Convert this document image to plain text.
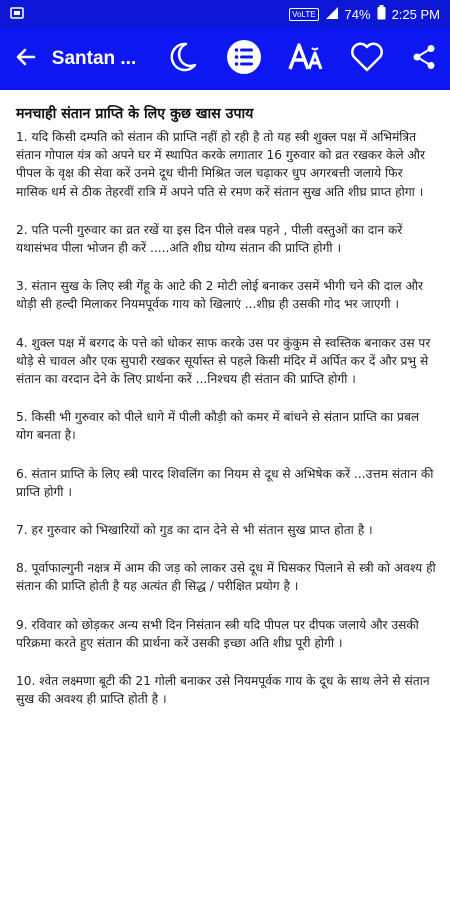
VoLTE 74% 2:25 PM
Santan ...
मनचाही संतान प्राप्ति के लिए कुछ खास उपाय

1. यदि किसी दम्पति को संतान की प्राप्ति नहीं हो रही है तो यह स्त्री शुक्ल पक्ष में अभिमंत्रित संतान गोपाल यंत्र को अपने घर में स्थापित करके लगातार 16 गुरुवार को व्रत रखकर केले और पीपल के वृक्ष की सेवा करें उनमे दूध चीनी मिश्रित जल चढ़ाकर धुप अगरबत्ती जलाये फिर मासिक धर्म से ठीक तेहरवीं रात्रि में अपने पति से रमण करें संतान सुख अति शीघ्र प्राप्त होगा ।

2. पति पत्नी गुरुवार का व्रत रखें या इस दिन पीले वस्त्र पहने , पीली वस्तुओं का दान करें यथासंभव पीला भोजन ही करें .....अति शीघ्र योग्य संतान की प्राप्ति होगी ।

3. संतान सुख के लिए स्त्री गेंहू के आटे की 2 मोटी लोई बनाकर उसमें भीगी चने की दाल और थोड़ी सी हल्दी मिलाकर नियमपूर्वक गाय को खिलाएं ...शीघ्र ही उसकी गोद भर जाएगी ।

4. शुक्ल पक्ष में बरगद के पत्ते को धोकर साफ करके उस पर कुंकुम से स्वस्तिक बनाकर उस पर थोड़े से चावल और एक सुपारी रखकर सूर्यास्त से पहले किसी मंदिर में अर्पित कर दें और प्रभु से संतान का वरदान देने के लिए प्रार्थना करें ...निश्चय ही संतान की प्राप्ति होगी ।

5. किसी भी गुरुवार को पीले धागे में पीली कौड़ी को कमर में बांधने से संतान प्राप्ति का प्रबल योग बनता है।

6. संतान प्राप्ति के लिए स्त्री पारद शिवलिंग का नियम से दूध से अभिषेक करें ...उत्तम संतान की प्राप्ति होगी ।

7. हर गुरुवार को भिखारियों को गुड का दान देने से भी संतान सुख प्राप्त होता है ।

8. पूर्वाफाल्गुनी नक्षत्र में आम की जड़ को लाकर उसे दूध में घिसकर पिलाने से स्त्री को अवश्य ही संतान की प्राप्ति होती है यह अत्यंत ही सिद्ध / परीक्षित प्रयोग है ।

9. रविवार को छोड़कर अन्य सभी दिन निसंतान स्त्री यदि पीपल पर दीपक जलाये और उसकी परिक्रमा करते हुए संतान की प्रार्थना करें उसकी इच्छा अति शीघ्र पूरी होगी ।

10. श्वेत लक्ष्मणा बूटी की 21 गोली बनाकर उसे नियमपूर्वक गाय के दूध के साथ लेने से संतान सुख की अवश्य ही प्राप्ति होती है ।
